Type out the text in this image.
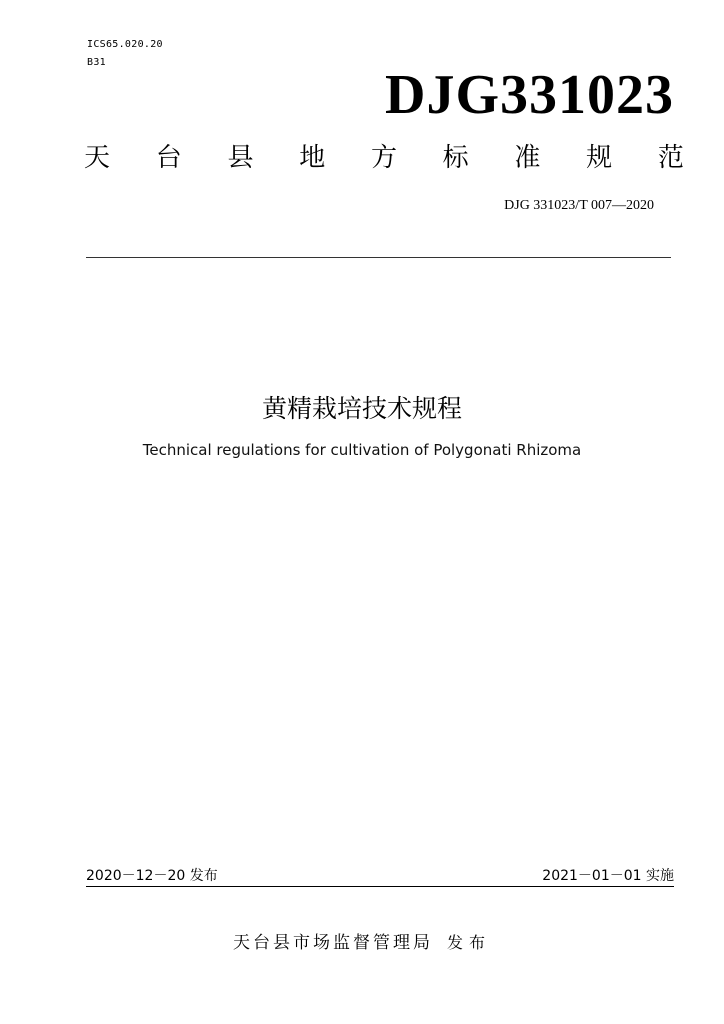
ICS65.020.20
B31
DJG331023
天 台 县 地 方 标 准 规 范
DJG 331023/T 007—2020
黄精栽培技术规程
Technical regulations for cultivation of Polygonati Rhizoma
2020－12－20 发布	2021－01－01 实施
天台县市场监督管理局 发布
